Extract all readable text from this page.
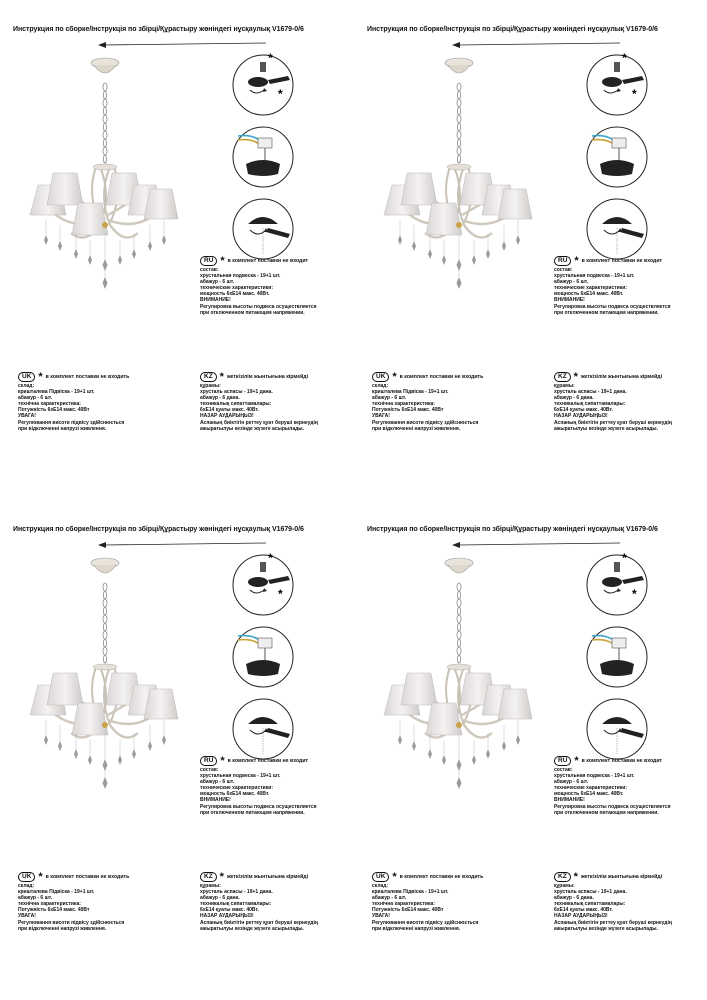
Инструкция по сборке/Інструкція по збірці/Құрастыру жөніндегі нұсқаулық V1679-0/6
*
*
RU * в комплект поставки не входит
состав:
хрустальная подвеска - 19+1 шт.
абажур - 6 шт.
технические характеристики:
мощность 6хЕ14 макс. 40Вт.
ВНИМАНИЕ!
Регулировка высоты подвеса осуществляется
при отключенном питающем напряжении.
UK * в комплект поставки не входить
склад:
кришталева Підвіска - 19+1 шт.
абажур - 6 шт.
технічна характеристика:
Потужність 6хЕ14 макс. 40Вт
УВАГА!
Регулювання висоти підвісу здійснюється
при відключенні напрузі живлення.
KZ * жеткізілім жынтығына кірмейді
құрамы:
хрусталь аспасы - 19+1 дана.
абажур - 6 дана.
техникалық сипаттамалары:
6хЕ14 қуаты макс. 40Вт.
НАЗАР АУДАРЫҢЫЗ!
Аспаның биіктігін реттеу қуат беруші кернеудің
ажыратылуы кезінде жүзеге асырылады.
Инструкция по сборке/Інструкція по збірці/Құрастыру жөніндегі нұсқаулық V1679-0/6
*
*
RU * в комплект поставки не входит
состав:
хрустальная подвеска - 19+1 шт.
абажур - 6 шт.
технические характеристики:
мощность 6хЕ14 макс. 40Вт.
ВНИМАНИЕ!
Регулировка высоты подвеса осуществляется
при отключенном питающем напряжении.
UK * в комплект поставки не входить
склад:
кришталева Підвіска - 19+1 шт.
абажур - 6 шт.
технічна характеристика:
Потужність 6хЕ14 макс. 40Вт
УВАГА!
Регулювання висоти підвісу здійснюється
при відключенні напрузі живлення.
KZ * жеткізілім жынтығына кірмейді
құрамы:
хрусталь аспасы - 19+1 дана.
абажур - 6 дана.
техникалық сипаттамалары:
6хЕ14 қуаты макс. 40Вт.
НАЗАР АУДАРЫҢЫЗ!
Аспаның биіктігін реттеу қуат беруші кернеудің
ажыратылуы кезінде жүзеге асырылады.
Инструкция по сборке/Інструкція по збірці/Құрастыру жөніндегі нұсқаулық V1679-0/6
*
*
RU * в комплект поставки не входит
состав:
хрустальная подвеска - 19+1 шт.
абажур - 6 шт.
технические характеристики:
мощность 6хЕ14 макс. 40Вт.
ВНИМАНИЕ!
Регулировка высоты подвеса осуществляется
при отключенном питающем напряжении.
UK * в комплект поставки не входить
склад:
кришталева Підвіска - 19+1 шт.
абажур - 6 шт.
технічна характеристика:
Потужність 6хЕ14 макс. 40Вт
УВАГА!
Регулювання висоти підвісу здійснюється
при відключенні напрузі живлення.
KZ * жеткізілім жынтығына кірмейді
құрамы:
хрусталь аспасы - 19+1 дана.
абажур - 6 дана.
техникалық сипаттамалары:
6хЕ14 қуаты макс. 40Вт.
НАЗАР АУДАРЫҢЫЗ!
Аспаның биіктігін реттеу қуат беруші кернеудің
ажыратылуы кезінде жүзеге асырылады.
Инструкция по сборке/Інструкція по збірці/Құрастыру жөніндегі нұсқаулық V1679-0/6
*
*
RU * в комплект поставки не входит
состав:
хрустальная подвеска - 19+1 шт.
абажур - 6 шт.
технические характеристики:
мощность 6хЕ14 макс. 40Вт.
ВНИМАНИЕ!
Регулировка высоты подвеса осуществляется
при отключенном питающем напряжении.
UK * в комплект поставки не входить
склад:
кришталева Підвіска - 19+1 шт.
абажур - 6 шт.
технічна характеристика:
Потужність 6хЕ14 макс. 40Вт
УВАГА!
Регулювання висоти підвісу здійснюється
при відключенні напрузі живлення.
KZ * жеткізілім жынтығына кірмейді
құрамы:
хрусталь аспасы - 19+1 дана.
абажур - 6 дана.
техникалық сипаттамалары:
6хЕ14 қуаты макс. 40Вт.
НАЗАР АУДАРЫҢЫЗ!
Аспаның биіктігін реттеу қуат беруші кернеудің
ажыратылуы кезінде жүзеге асырылады.
